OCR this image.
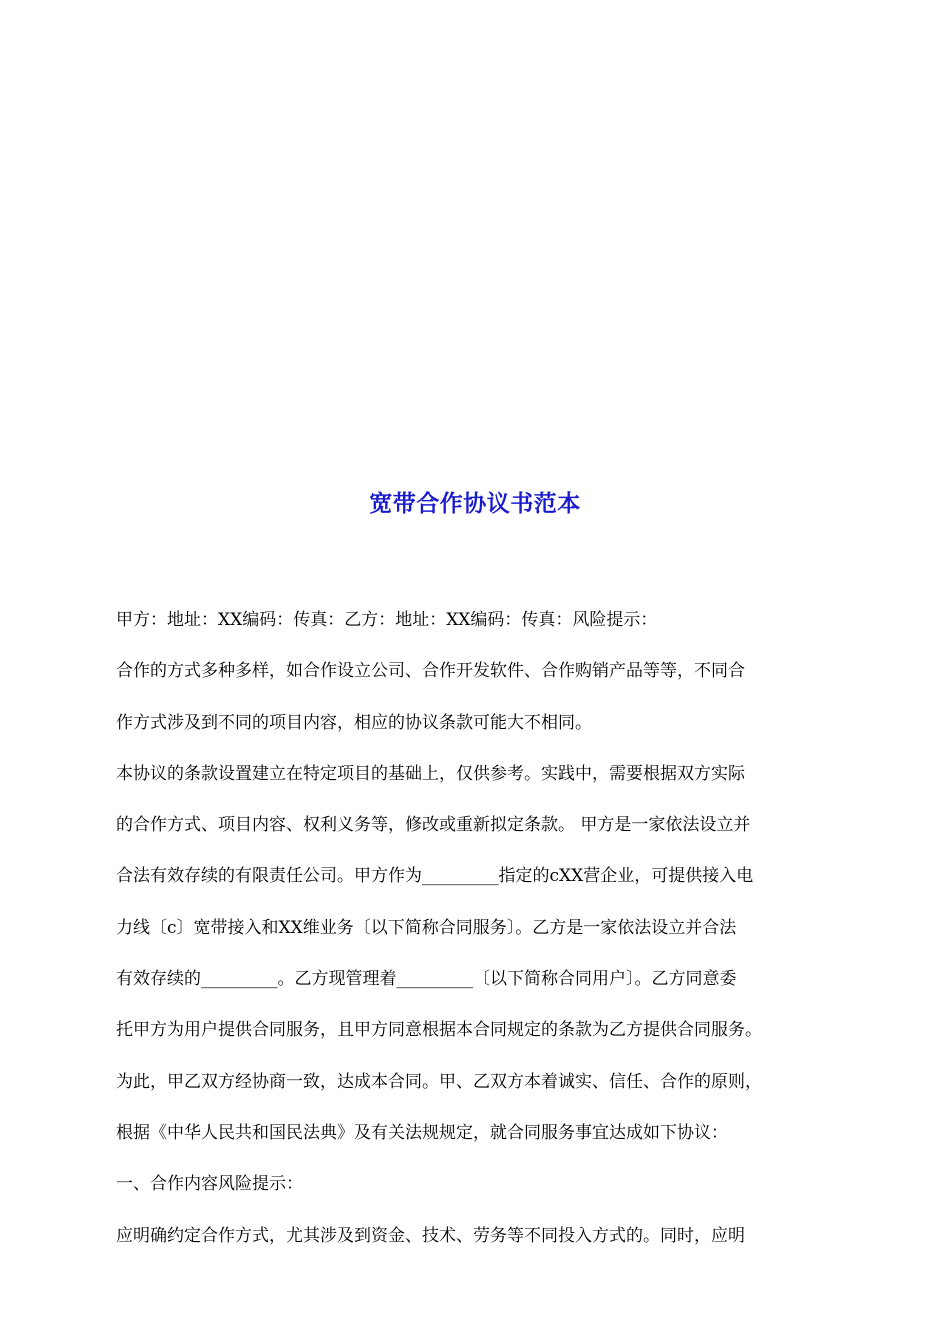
宽带合作协议书范本

甲方：地址：XX编码：传真：乙方：地址：XX编码：传真：风险提示：

合作的方式多种多样，如合作设立公司、合作开发软件、合作购销产品等等，不同合

作方式涉及到不同的项目内容，相应的协议条款可能大不相同。

本协议的条款设置建立在特定项目的基础上，仅供参考。实践中，需要根据双方实际

的合作方式、项目内容、权利义务等，修改或重新拟定条款。 甲方是一家依法设立并

合法有效存续的有限责任公司。甲方作为_________指定的cXX营企业，可提供接入电

力线〔c〕宽带接入和XX维业务〔以下简称合同服务〕。乙方是一家依法设立并合法

有效存续的_________。乙方现管理着_________〔以下简称合同用户〕。乙方同意委

托甲方为用户提供合同服务，且甲方同意根据本合同规定的条款为乙方提供合同服务。

为此，甲乙双方经协商一致，达成本合同。甲、乙双方本着诚实、信任、合作的原则，

根据《中华人民共和国民法典》及有关法规规定，就合同服务事宜达成如下协议：

一、合作内容风险提示：

应明确约定合作方式，尤其涉及到资金、技术、劳务等不同投入方式的。同时，应明
